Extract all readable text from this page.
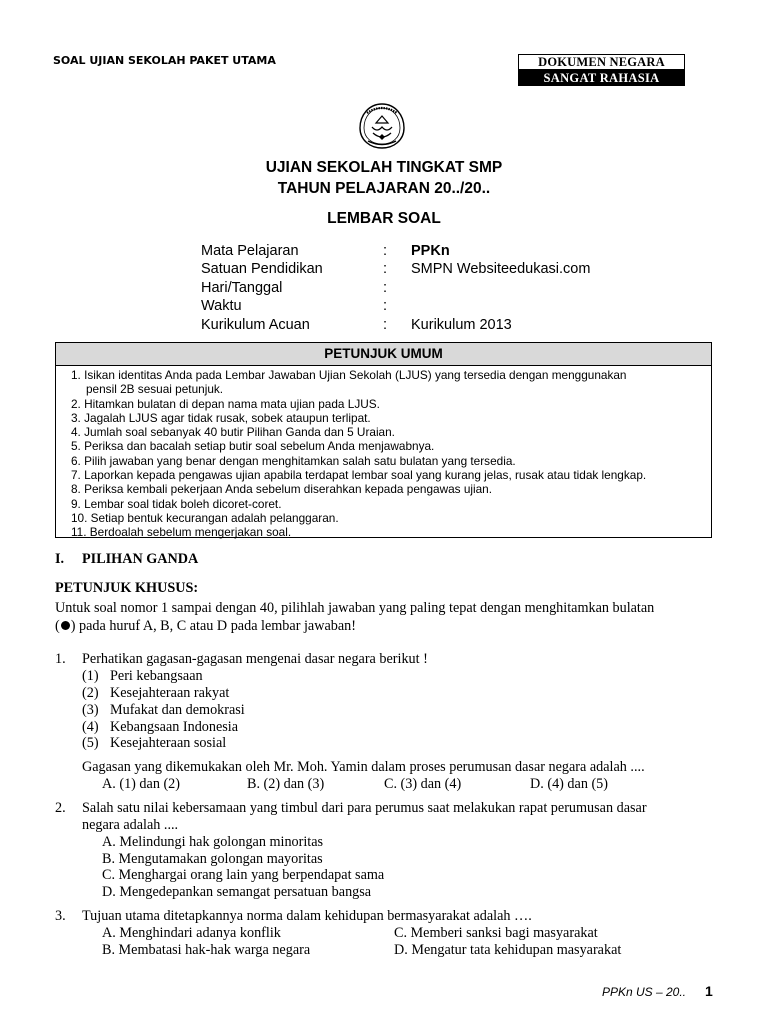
SOAL UJIAN SEKOLAH PAKET UTAMA	DOKUMEN NEGARA
SANGAT RAHASIA
UJIAN SEKOLAH TINGKAT SMP
TAHUN PELAJARAN 20../20..
LEMBAR SOAL
Mata Pelajaran	: PPKn
Satuan Pendidikan	: SMPN Websiteedukasi.com
Hari/Tanggal	:
Waktu	:
Kurikulum Acuan	: Kurikulum 2013
PETUNJUK UMUM
1. Isikan identitas Anda pada Lembar Jawaban Ujian Sekolah (LJUS) yang tersedia dengan menggunakan
pensil 2B sesuai petunjuk.
2. Hitamkan bulatan di depan nama mata ujian pada LJUS.
3. Jagalah LJUS agar tidak rusak, sobek ataupun terlipat.
4. Jumlah soal sebanyak 40 butir Pilihan Ganda dan 5 Uraian.
5. Periksa dan bacalah setiap butir soal sebelum Anda menjawabnya.
6. Pilih jawaban yang benar dengan menghitamkan salah satu bulatan yang tersedia.
7. Laporkan kepada pengawas ujian apabila terdapat lembar soal yang kurang jelas, rusak atau tidak lengkap.
8. Periksa kembali pekerjaan Anda sebelum diserahkan kepada pengawas ujian.
9. Lembar soal tidak boleh dicoret-coret.
10. Setiap bentuk kecurangan adalah pelanggaran.
11. Berdoalah sebelum mengerjakan soal.
I. PILIHAN GANDA
PETUNJUK KHUSUS:
Untuk soal nomor 1 sampai dengan 40, pilihlah jawaban yang paling tepat dengan menghitamkan bulatan
( ) pada huruf A, B, C atau D pada lembar jawaban!
1. Perhatikan gagasan-gagasan mengenai dasar negara berikut !
(1) Peri kebangsaan
(2) Kesejahteraan rakyat
(3) Mufakat dan demokrasi
(4) Kebangsaan Indonesia
(5) Kesejahteraan sosial
Gagasan yang dikemukakan oleh Mr. Moh. Yamin dalam proses perumusan dasar negara adalah ....
A. (1) dan (2)	B. (2) dan (3)	C. (3) dan (4)	D. (4) dan (5)
2. Salah satu nilai kebersamaan yang timbul dari para perumus saat melakukan rapat perumusan dasar
negara adalah ....
A. Melindungi hak golongan minoritas
B. Mengutamakan golongan mayoritas
C. Menghargai orang lain yang berpendapat sama
D. Mengedepankan semangat persatuan bangsa
3. Tujuan utama ditetapkannya norma dalam kehidupan bermasyarakat adalah ….
A. Menghindari adanya konflik	C. Memberi sanksi bagi masyarakat
B. Membatasi hak-hak warga negara	D. Mengatur tata kehidupan masyarakat
PPKn US – 20.. 1
